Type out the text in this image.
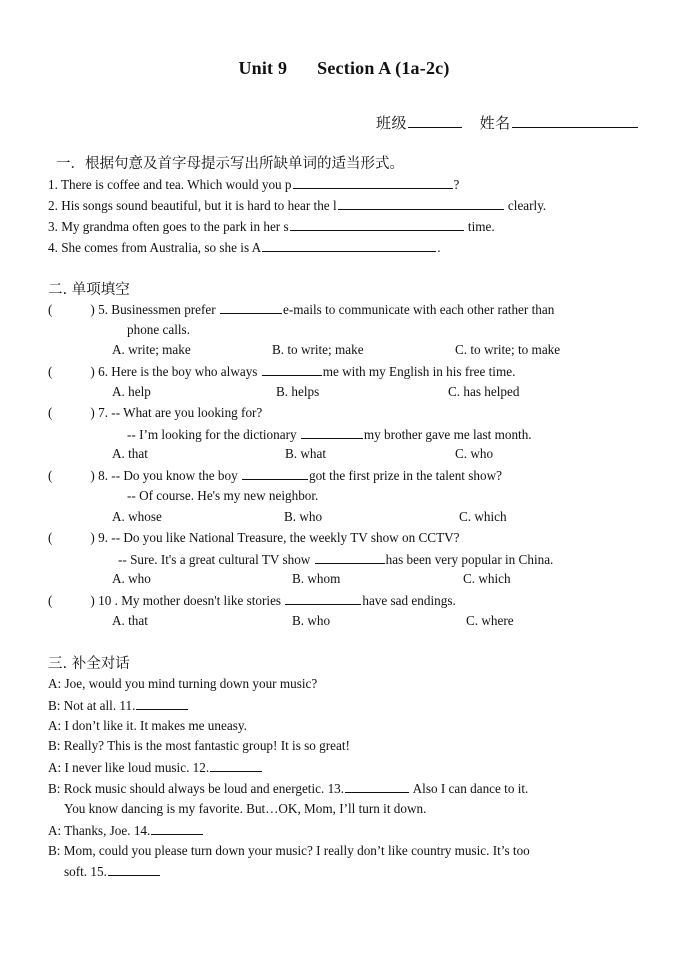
Unit 9 Section A (1a-2c)
班级	姓名
一．根据句意及首字母提示写出所缺单词的适当形式。
1. There is coffee and tea. Which would you p	?
2. His songs sound beautiful, but it is hard to hear the l	clearly.
3. My grandma often goes to the park in her s	time.
4. She comes from Australia, so she is A	.
二. 单项填空
(	) 5. Businessmen prefer	e-mails to communicate with each other rather than
phone calls.
A. write; make	B. to write; make	C. to write; to make
(	) 6. Here is the boy who always	me with my English in his free time.
A. help	B. helps	C. has helped
(	) 7. -- What are you looking for?
-- I’m looking for the dictionary	my brother gave me last month.
A. that	B. what	C. who
(	) 8. -- Do you know the boy	got the first prize in the talent show?
-- Of course. He's my new neighbor.
A. whose	B. who	C. which
(	) 9. -- Do you like National Treasure, the weekly TV show on CCTV?
-- Sure. It's a great cultural TV show	has been very popular in China.
A. who	B. whom	C. which
(	) 10 . My mother doesn't like stories	have sad endings.
A. that	B. who	C. where
三. 补全对话
A: Joe, would you mind turning down your music?
B: Not at all. 11.
A: I don’t like it. It makes me uneasy.
B: Really? This is the most fantastic group! It is so great!
A: I never like loud music. 12.
B: Rock music should always be loud and energetic. 13.	Also I can dance to it.
You know dancing is my favorite. But…OK, Mom, I’ll turn it down.
A: Thanks, Joe. 14.
B: Mom, could you please turn down your music? I really don’t like country music. It’s too
soft. 15.
